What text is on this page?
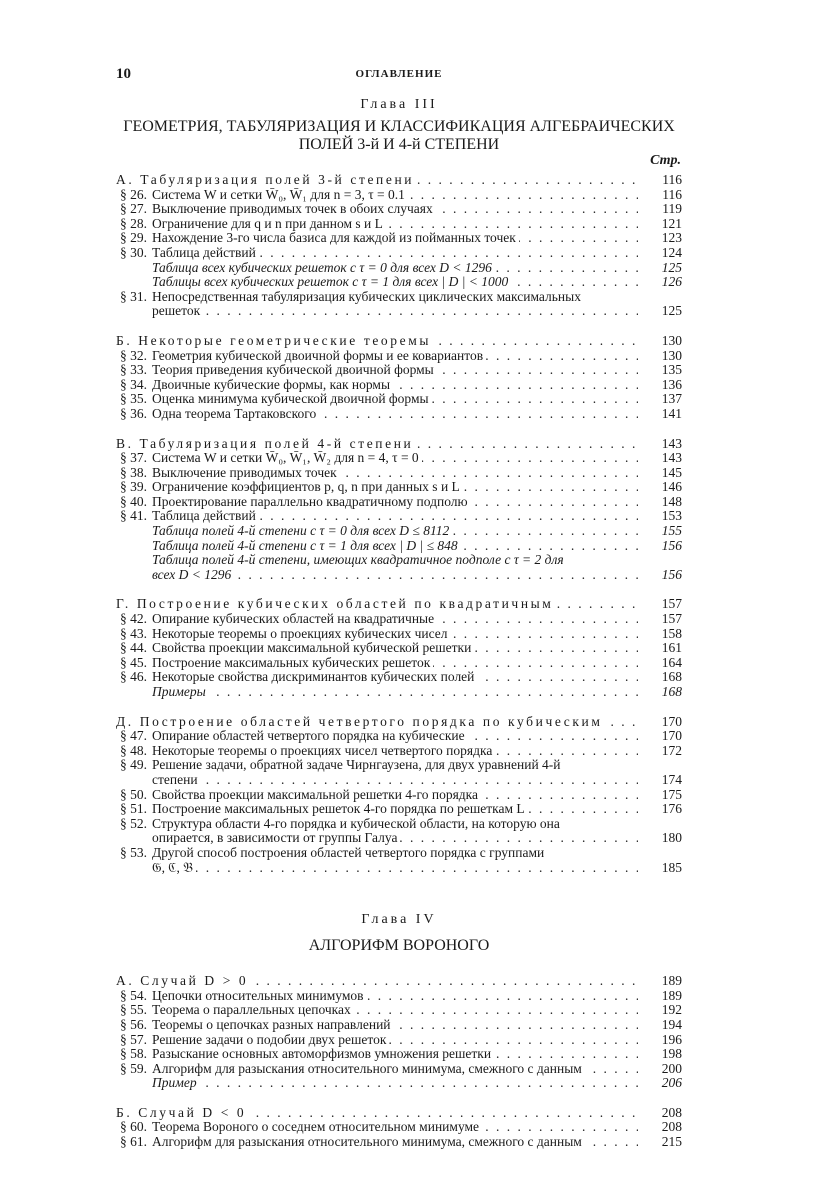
10	ОГЛАВЛЕНИЕ
Глава III
ГЕОМЕТРИЯ, ТАБУЛЯРИЗАЦИЯ И КЛАССИФИКАЦИЯ АЛГЕБРАИЧЕСКИХ
ПОЛЕЙ 3-й И 4-й СТЕПЕНИ
Стр.
А. Табуляризация полей 3-й степени . . .	116
§ 26. Система W и сетки W̄₀, W̄₁ для n = 3, τ = 0.1 . . .	116
§ 27. Выключение приводимых точек в обоих случаях . . .	119
§ 28. Ограничение для q и n при данном s и L . . .	121
§ 29. Нахождение 3-го числа базиса для каждой из пойманных точек . . .	123
§ 30. Таблица действий . . .	124
Таблица всех кубических решеток с τ = 0 для всех D < 1296 . . .	125
Таблицы всех кубических решеток с τ = 1 для всех | D | < 1000 . . .	126
§ 31. Непосредственная табуляризация кубических циклических максимальных
решеток . . .	125
Б. Некоторые геометрические теоремы . . .	130
§ 32. Геометрия кубической двоичной формы и ее ковариантов . . .	130
§ 33. Теория приведения кубической двоичной формы . . .	135
§ 34. Двоичные кубические формы, как нормы . . .	136
§ 35. Оценка минимума кубической двоичной формы . . .	137
§ 36. Одна теорема Тартаковского . . .	141
В. Табуляризация полей 4-й степени . . .	143
§ 37. Система W и сетки W̄₀, W̄₁, W̄₂ для n = 4, τ = 0 . . .	143
§ 38. Выключение приводимых точек . . .	145
§ 39. Ограничение коэффициентов p, q, n при данных s и L . . .	146
§ 40. Проектирование параллельно квадратичному подполю . . .	148
§ 41. Таблица действий . . .	153
Таблица полей 4-й степени с τ = 0 для всех D ≤ 8112 . . .	155
Таблица полей 4-й степени с τ = 1 для всех | D | ≤ 848 . . .	156
Таблица полей 4-й степени, имеющих квадратичное подполе с τ = 2 для
всех D < 1296 . . .	156
Г. Построение кубических областей по квадратичным . . .	157
§ 42. Опирание кубических областей на квадратичные . . .	157
§ 43. Некоторые теоремы о проекциях кубических чисел . . .	158
§ 44. Свойства проекции максимальной кубической решетки . . .	161
§ 45. Построение максимальных кубических решеток . . .	164
§ 46. Некоторые свойства дискриминантов кубических полей . . .	168
Примеры . . .	168
Д. Построение областей четвертого порядка по кубическим . . .	170
§ 47. Опирание областей четвертого порядка на кубические . . .	170
§ 48. Некоторые теоремы о проекциях чисел четвертого порядка . . .	172
§ 49. Решение задачи, обратной задаче Чирнгаузена, для двух уравнений 4-й
степени . . .	174
§ 50. Свойства проекции максимальной решетки 4-го порядка . . .	175
§ 51. Построение максимальных решеток 4-го порядка по решеткам L . . .	176
§ 52. Структура области 4-го порядка и кубической области, на которую она
опирается, в зависимости от группы Галуа . . .	180
§ 53. Другой способ построения областей четвертого порядка с группами
𝔊, ℭ, 𝔅 . . .	185
Глава IV
АЛГОРИФМ ВОРОНОГО
А. Случай D > 0 . . .	189
§ 54. Цепочки относительных минимумов . . .	189
§ 55. Теорема о параллельных цепочках . . .	192
§ 56. Теоремы о цепочках разных направлений . . .	194
§ 57. Решение задачи о подобии двух решеток . . .	196
§ 58. Разыскание основных автоморфизмов умножения решетки . . .	198
§ 59. Алгорифм для разыскания относительного минимума, смежного с данным . . .	200
Пример . . .	206
Б. Случай D < 0 . . .	208
§ 60. Теорема Вороного о соседнем относительном минимуме . . .	208
§ 61. Алгорифм для разыскания относительного минимума, смежного с данным . . .	215
